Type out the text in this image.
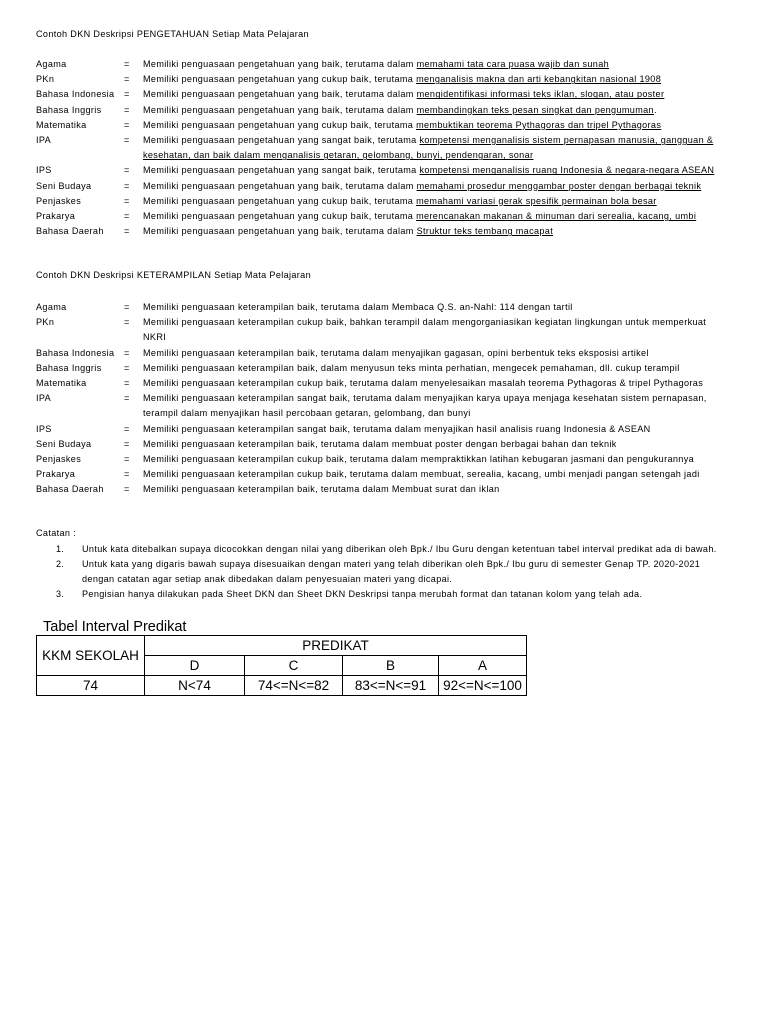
Contoh DKN Deskripsi PENGETAHUAN Setiap Mata Pelajaran
Agama	= Memiliki penguasaan pengetahuan yang baik, terutama dalam memahami tata cara puasa wajib dan sunah
PKn	= Memiliki penguasaan pengetahuan yang cukup baik, terutama menganalisis makna dan arti kebangkitan nasional 1908
Bahasa Indonesia = Memiliki penguasaan pengetahuan yang baik, terutama dalam mengidentifikasi informasi teks iklan, slogan, atau poster
Bahasa Inggris = Memiliki penguasaan pengetahuan yang baik, terutama dalam membandingkan teks pesan singkat dan pengumuman.
Matematika	= Memiliki penguasaan pengetahuan yang cukup baik, terutama membuktikan teorema Pythagoras dan tripel Pythagoras
IPA	= Memiliki penguasaan pengetahuan yang sangat baik, terutama kompetensi menganalisis sistem pernapasan manusia, gangguan &
kesehatan, dan baik dalam menganalisis getaran, gelombang, bunyi, pendengaran, sonar
IPS	= Memiliki penguasaan pengetahuan yang sangat baik, terutama kompetensi menganalisis ruang Indonesia & negara-negara ASEAN
Seni Budaya	= Memiliki penguasaan pengetahuan yang baik, terutama dalam memahami prosedur menggambar poster dengan berbagai teknik
Penjaskes	= Memiliki penguasaan pengetahuan yang cukup baik, terutama memahami variasi gerak spesifik permainan bola besar
Prakarya	= Memiliki penguasaan pengetahuan yang cukup baik, terutama merencanakan makanan & minuman dari serealia, kacang, umbi
Bahasa Daerah = Memiliki penguasaan pengetahuan yang baik, terutama dalam Struktur teks tembang macapat
Contoh DKN Deskripsi KETERAMPILAN Setiap Mata Pelajaran
Agama	= Memiliki penguasaan keterampilan baik, terutama dalam Membaca Q.S. an-Nahl: 114 dengan tartil
PKn	= Memiliki penguasaan keterampilan cukup baik, bahkan terampil dalam mengorganiasikan kegiatan lingkungan untuk memperkuat
NKRI
Bahasa Indonesia = Memiliki penguasaan keterampilan baik, terutama dalam menyajikan gagasan, opini berbentuk teks eksposisi artikel
Bahasa Inggris = Memiliki penguasaan keterampilan baik, dalam menyusun teks minta perhatian, mengecek pemahaman, dll. cukup terampil
Matematika	= Memiliki penguasaan keterampilan cukup baik, terutama dalam menyelesaikan masalah teorema Pythagoras & tripel Pythagoras
IPA	= Memiliki penguasaan keterampilan sangat baik, terutama dalam menyajikan karya upaya menjaga kesehatan sistem pernapasan,
terampil dalam menyajikan hasil percobaan getaran, gelombang, dan bunyi
IPS	= Memiliki penguasaan keterampilan sangat baik, terutama dalam menyajikan hasil analisis ruang Indonesia & ASEAN
Seni Budaya	= Memiliki penguasaan keterampilan baik, terutama dalam membuat poster dengan berbagai bahan dan teknik
Penjaskes	= Memiliki penguasaan keterampilan cukup baik, terutama dalam mempraktikkan latihan kebugaran jasmani dan pengukurannya
Prakarya	= Memiliki penguasaan keterampilan cukup baik, terutama dalam membuat, serealia, kacang, umbi menjadi pangan setengah jadi
Bahasa Daerah = Memiliki penguasaan keterampilan baik, terutama dalam Membuat surat dan iklan
Catatan :
1. Untuk kata ditebalkan supaya dicocokkan dengan nilai yang diberikan oleh Bpk./ Ibu Guru dengan ketentuan tabel interval predikat ada di bawah.
2. Untuk kata yang digaris bawah supaya disesuaikan dengan materi yang telah diberikan oleh Bpk./ Ibu guru di semester Genap TP. 2020-2021
dengan catatan agar setiap anak dibedakan dalam penyesuaian materi yang dicapai.
3. Pengisian hanya dilakukan pada Sheet DKN dan Sheet DKN Deskripsi tanpa merubah format dan tatanan kolom yang telah ada.
Tabel Interval Predikat
KKM SEKOLAH	PREDIKAT			
	D	C	B	A
74	N<74	74<=N<=82	83<=N<=91	92<=N<=100
